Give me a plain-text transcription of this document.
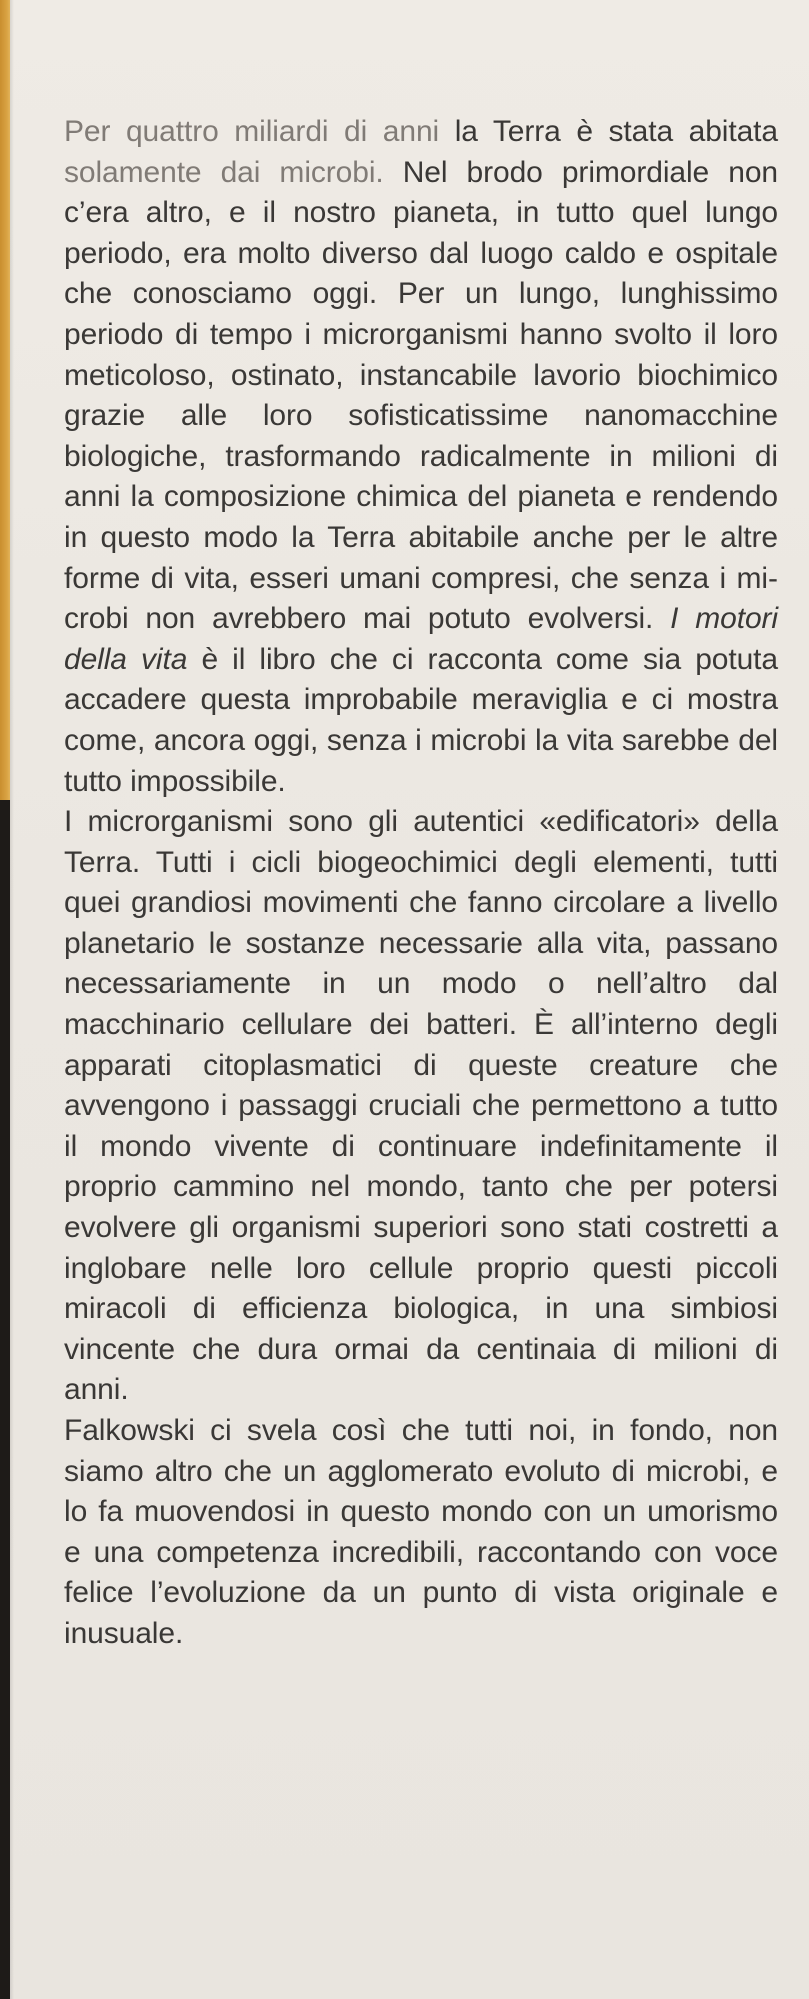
Per quattro miliardi di anni la Terra è stata abitata solamente dai microbi. Nel brodo primordiale non c’era altro, e il nostro pianeta, in tutto quel lungo periodo, era molto diverso dal luogo caldo e ospitale che conosciamo oggi. Per un lungo, lunghissimo periodo di tempo i microrganismi hanno svolto il loro meticoloso, ostinato, instancabile lavorio biochimico grazie alle loro sofisticatissime nanomacchine biologiche, trasformando radicalmente in milioni di anni la composizione chimica del pianeta e rendendo in questo modo la Terra abitabile anche per le altre forme di vita, esseri umani compresi, che senza i microbi non avrebbero mai potuto evolversi. I motori della vita è il libro che ci racconta come sia potuta accadere questa improbabile meraviglia e ci mostra come, ancora oggi, senza i microbi la vita sarebbe del tutto impossibile.

I microrganismi sono gli autentici «edificatori» della Terra. Tutti i cicli biogeochimici degli elementi, tutti quei grandiosi movimenti che fanno circolare a livello planetario le sostanze necessarie alla vita, passano necessariamente in un modo o nell’altro dal macchinario cellulare dei batteri. È all’interno degli apparati citoplasmatici di queste creature che avvengono i passaggi cruciali che permettono a tutto il mondo vivente di continuare indefinitamente il proprio cammino nel mondo, tanto che per potersi evolvere gli organismi superiori sono stati costretti a inglobare nelle loro cellule proprio questi piccoli miracoli di efficienza biologica, in una simbiosi vincente che dura ormai da centinaia di milioni di anni.

Falkowski ci svela così che tutti noi, in fondo, non siamo altro che un agglomerato evoluto di microbi, e lo fa muovendosi in questo mondo con un umorismo e una competenza incredibili, raccontando con voce felice l’evoluzione da un punto di vista originale e inusuale.
